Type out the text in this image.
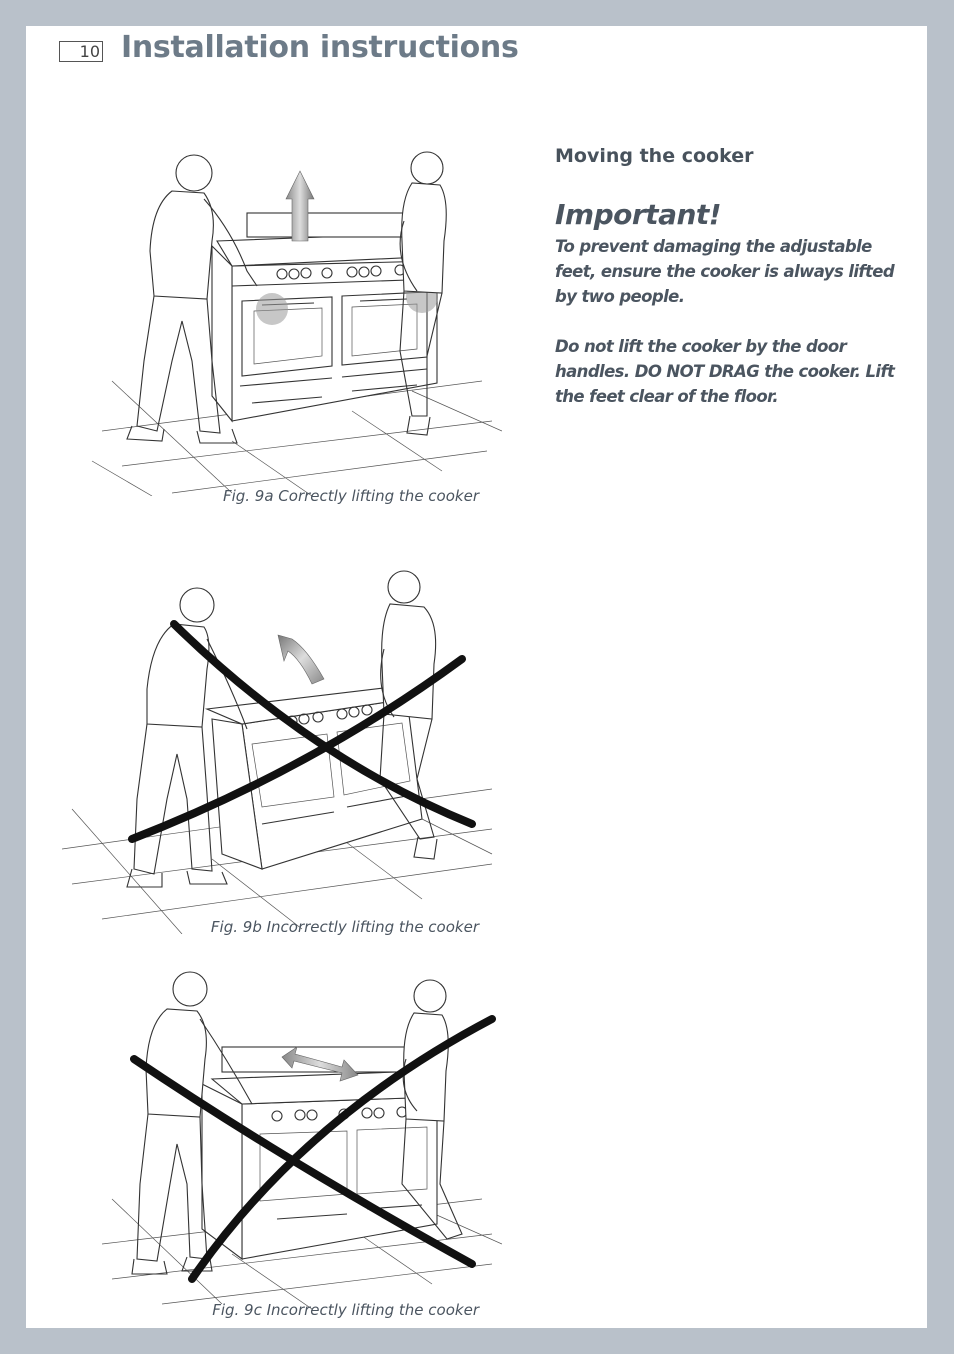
10 Installation instructions
Moving the cooker
Important!

To prevent damaging the adjustable feet, ensure the cooker is always lifted by two people.

Do not lift the cooker by the door handles. DO NOT DRAG the cooker. Lift the feet clear of the floor.

Fig. 9a Correctly lifting the cooker
Fig. 9b Incorrectly lifting the cooker
Fig. 9c Incorrectly lifting the cooker
